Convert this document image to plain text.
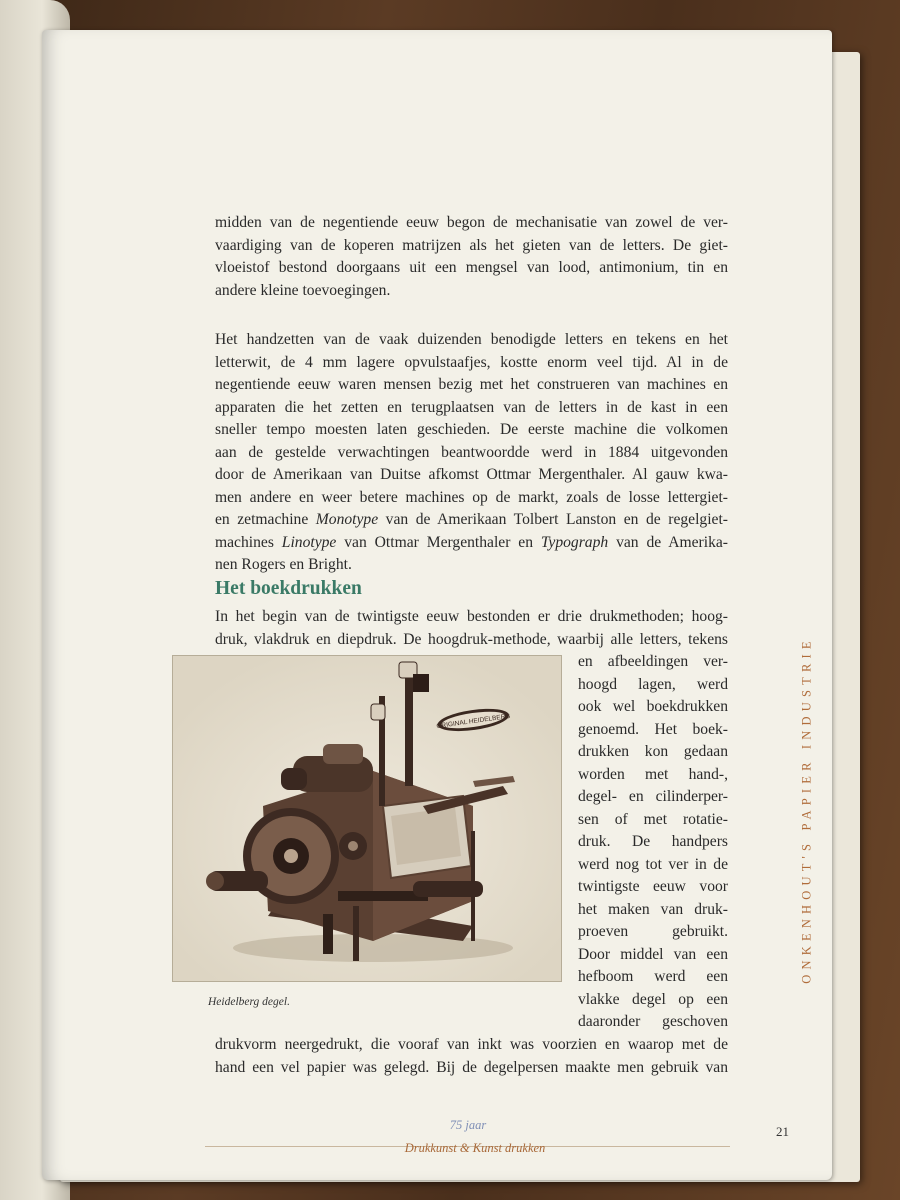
midden van de negentiende eeuw begon de mechanisatie van zowel de ver-
vaardiging van de koperen matrijzen als het gieten van de letters. De giet-
vloeistof bestond doorgaans uit een mengsel van lood, antimonium, tin en
andere kleine toevoegingen.
Het handzetten van de vaak duizenden benodigde letters en tekens en het
letterwit, de 4 mm lagere opvulstaafjes, kostte enorm veel tijd. Al in de
negentiende eeuw waren mensen bezig met het construeren van machines en
apparaten die het zetten en terugplaatsen van de letters in de kast in een
sneller tempo moesten laten geschieden. De eerste machine die volkomen
aan de gestelde verwachtingen beantwoordde werd in 1884 uitgevonden
door de Amerikaan van Duitse afkomst Ottmar Mergenthaler. Al gauw kwa-
men andere en weer betere machines op de markt, zoals de losse lettergiet-
en zetmachine Monotype van de Amerikaan Tolbert Lanston en de regelgiet-
machines Linotype van Ottmar Mergenthaler en Typograph van de Amerika-
nen Rogers en Bright.
Het boekdrukken
In het begin van de twintigste eeuw bestonden er drie drukmethoden; hoog-
druk, vlakdruk en diepdruk. De hoogdruk-methode, waarbij alle letters, tekens
ORIGINAL HEIDELBERG
Heidelberg degel.
en afbeeldingen ver-
hoogd lagen, werd
ook wel boekdrukken
genoemd. Het boek-
drukken kon gedaan
worden met hand-,
degel- en cilinderper-
sen of met rotatie-
druk. De handpers
werd nog tot ver in de
twintigste eeuw voor
het maken van druk-
proeven gebruikt.
Door middel van een
hefboom werd een
vlakke degel op een
daaronder geschoven
drukvorm neergedrukt, die vooraf van inkt was voorzien en waarop met de
hand een vel papier was gelegd. Bij de degelpersen maakte men gebruik van
ONKENHOUT'S PAPIER INDUSTRIE
75 jaar
Drukkunst & Kunst drukken
21
